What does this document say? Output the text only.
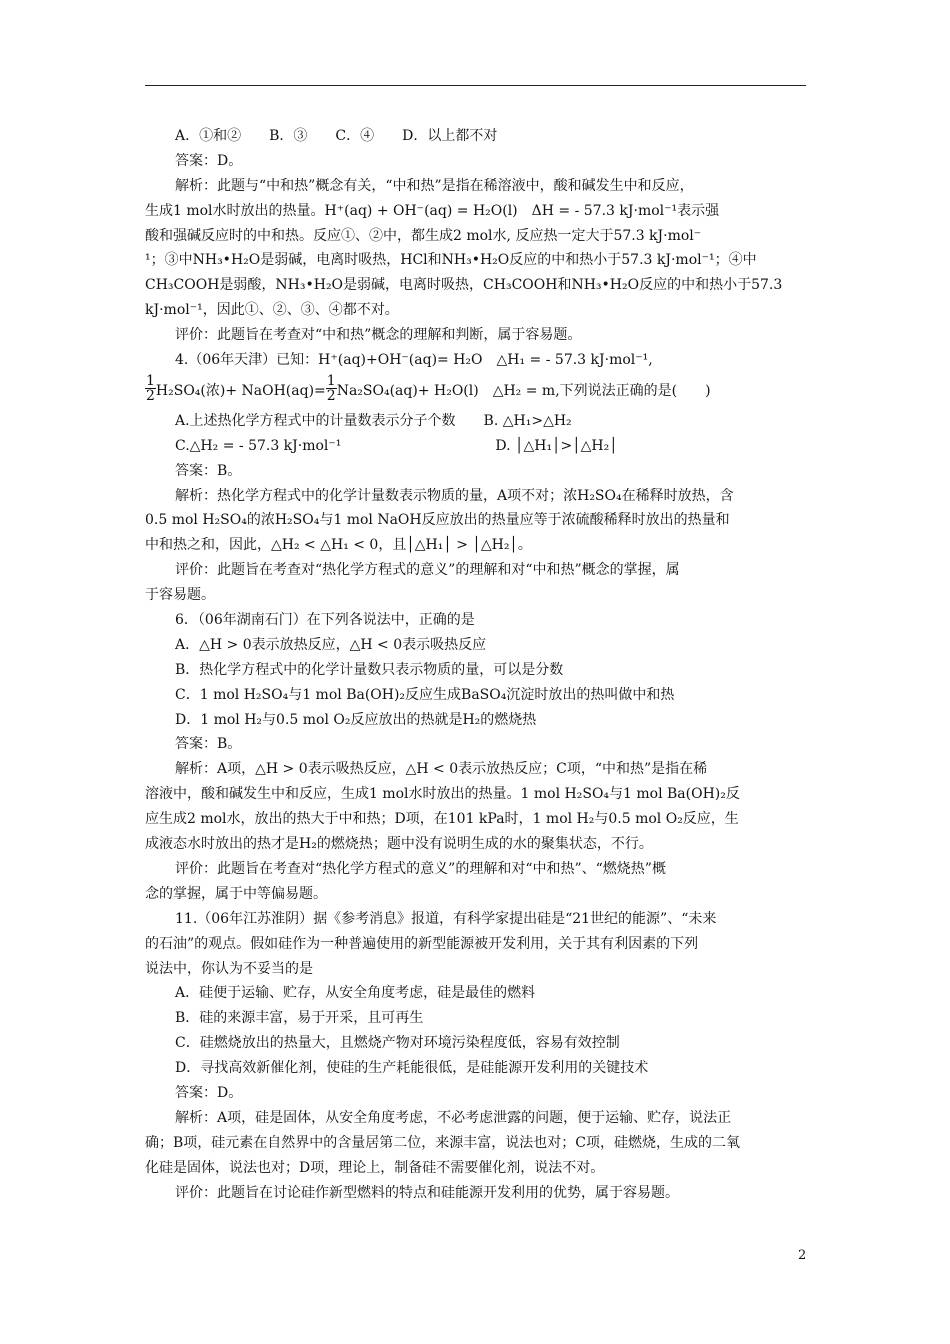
A．①和②　　B．③　　C．④　　D．以上都不对
答案：D。
解析：此题与“中和热”概念有关，“中和热”是指在稀溶液中，酸和碱发生中和反应，
生成1 mol水时放出的热量。H⁺(aq) + OH⁻(aq) = H₂O(l)　ΔH = - 57.3 kJ·mol⁻¹表示强
酸和强碱反应时的中和热。反应①、②中，都生成2 mol水, 反应热一定大于57.3 kJ·mol⁻
¹；③中NH₃•H₂O是弱碱，电离时吸热，HCl和NH₃•H₂O反应的中和热小于57.3 kJ·mol⁻¹；④中
CH₃COOH是弱酸，NH₃•H₂O是弱碱，电离时吸热，CH₃COOH和NH₃•H₂O反应的中和热小于57.3
kJ·mol⁻¹，因此①、②、③、④都不对。
评价：此题旨在考查对“中和热”概念的理解和判断，属于容易题。
4.（06年天津）已知：H⁺(aq)+OH⁻(aq)= H₂O　△H₁ = - 57.3 kJ·mol⁻¹,
$\frac{1}{2} H_2SO_4$(浓)+ NaOH(aq)= $\frac{1}{2} Na_2SO_4(aq)+ H_2O(l)$　△H₂ = m,下列说法正确的是(　　)
A.上述热化学方程式中的计量数表示分子个数　　B. △H₁>△H₂
C.△H₂ = - 57.3 kJ·mol⁻¹　　　　　　　　　　　D. │△H₁│>│△H₂│
答案：B。
解析：热化学方程式中的化学计量数表示物质的量，A项不对；浓H₂SO₄在稀释时放热，含
0.5 mol H₂SO₄的浓H₂SO₄与1 mol NaOH反应放出的热量应等于浓硫酸稀释时放出的热量和
中和热之和，因此，△H₂ < △H₁ < 0，且│△H₁│ > │△H₂│。
评价：此题旨在考查对“热化学方程式的意义”的理解和对“中和热”概念的掌握，属
于容易题。
6．（06年湖南石门）在下列各说法中，正确的是
A．△H > 0表示放热反应，△H < 0表示吸热反应
B．热化学方程式中的化学计量数只表示物质的量，可以是分数
C．1 mol H₂SO₄与1 mol Ba(OH)₂反应生成BaSO₄沉淀时放出的热叫做中和热
D．1 mol H₂与0.5 mol O₂反应放出的热就是H₂的燃烧热
答案：B。
解析：A项，△H > 0表示吸热反应，△H < 0表示放热反应；C项，“中和热”是指在稀
溶液中，酸和碱发生中和反应，生成1 mol水时放出的热量。1 mol H₂SO₄与1 mol Ba(OH)₂反
应生成2 mol水，放出的热大于中和热；D项，在101 kPa时，1 mol H₂与0.5 mol O₂反应，生
成液态水时放出的热才是H₂的燃烧热；题中没有说明生成的水的聚集状态，不行。
评价：此题旨在考查对“热化学方程式的意义”的理解和对“中和热”、“燃烧热”概
念的掌握，属于中等偏易题。
11.（06年江苏淮阴）据《参考消息》报道，有科学家提出硅是“21世纪的能源”、“未来
的石油”的观点。假如硅作为一种普遍使用的新型能源被开发利用，关于其有利因素的下列
说法中，你认为不妥当的是
A．硅便于运输、贮存，从安全角度考虑，硅是最佳的燃料
B．硅的来源丰富，易于开采，且可再生
C．硅燃烧放出的热量大，且燃烧产物对环境污染程度低，容易有效控制
D．寻找高效新催化剂，使硅的生产耗能很低，是硅能源开发利用的关键技术
答案：D。
解析：A项，硅是固体，从安全角度考虑，不必考虑泄露的问题，便于运输、贮存，说法正
确；B项，硅元素在自然界中的含量居第二位，来源丰富，说法也对；C项，硅燃烧，生成的二氧
化硅是固体，说法也对；D项，理论上，制备硅不需要催化剂，说法不对。
评价：此题旨在讨论硅作新型燃料的特点和硅能源开发利用的优势，属于容易题。
2
